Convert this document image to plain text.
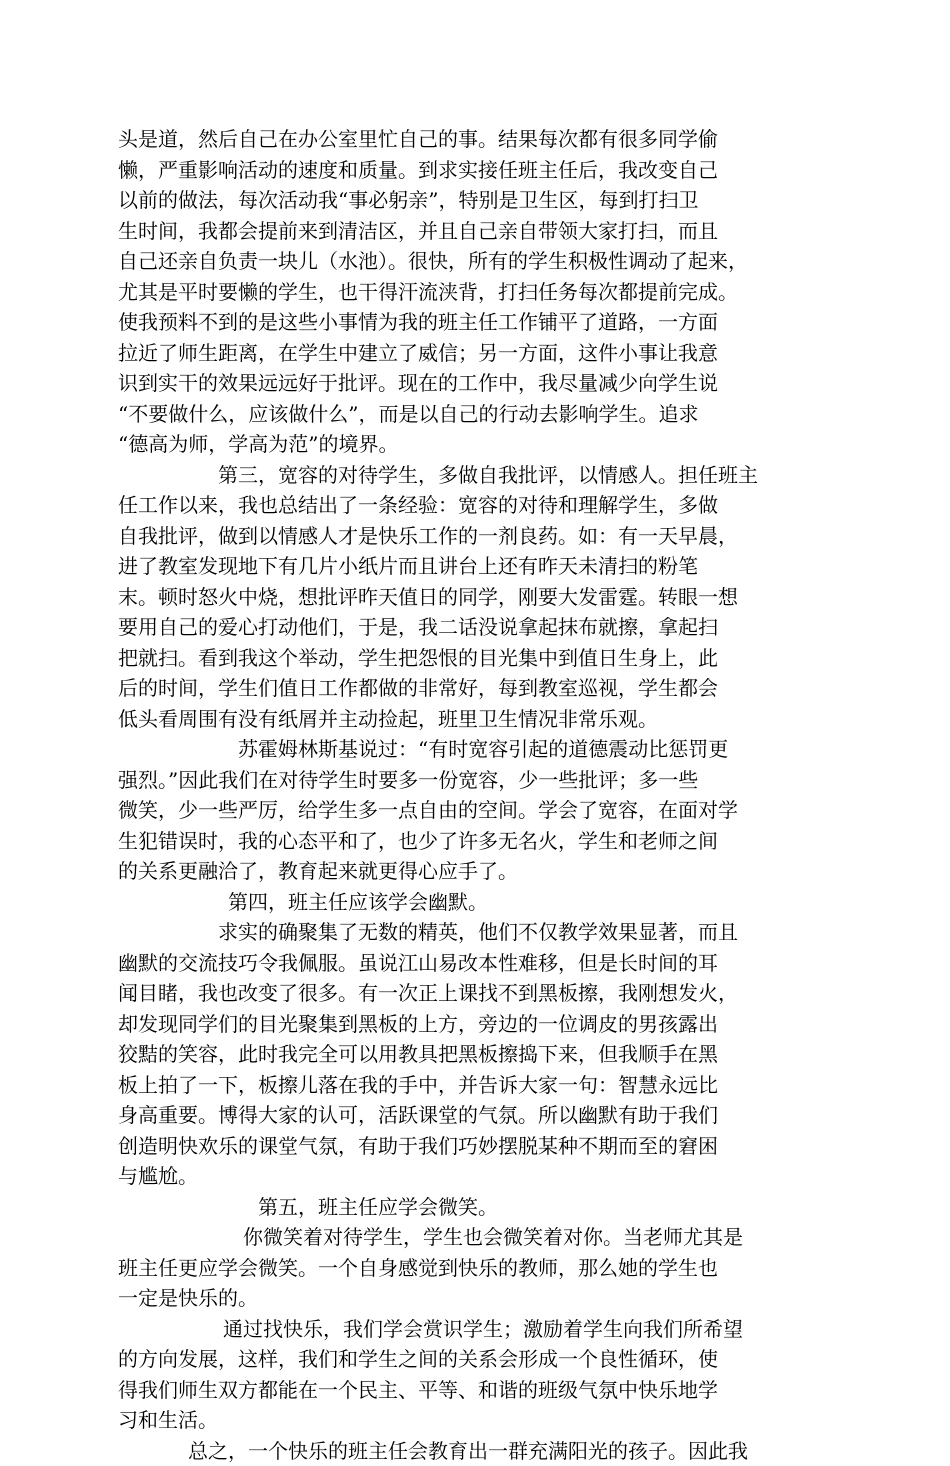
头是道，然后自己在办公室里忙自己的事。结果每次都有很多同学偷
懒，严重影响活动的速度和质量。到求实接任班主任后，我改变自己
以前的做法，每次活动我“事必躬亲”，特别是卫生区，每到打扫卫
生时间，我都会提前来到清洁区，并且自己亲自带领大家打扫，而且
自己还亲自负责一块儿（水池）。很快，所有的学生积极性调动了起来，
尤其是平时要懒的学生，也干得汗流浃背，打扫任务每次都提前完成。
使我预料不到的是这些小事情为我的班主任工作铺平了道路，一方面
拉近了师生距离，在学生中建立了威信；另一方面，这件小事让我意
识到实干的效果远远好于批评。现在的工作中，我尽量减少向学生说
“不要做什么，应该做什么”，而是以自己的行动去影响学生。追求
“德高为师，学高为范”的境界。
第三，宽容的对待学生，多做自我批评，以情感人。担任班主
任工作以来，我也总结出了一条经验：宽容的对待和理解学生，多做
自我批评，做到以情感人才是快乐工作的一剂良药。如：有一天早晨，
进了教室发现地下有几片小纸片而且讲台上还有昨天未清扫的粉笔
末。顿时怒火中烧，想批评昨天值日的同学，刚要大发雷霆。转眼一想
要用自己的爱心打动他们，于是，我二话没说拿起抹布就擦，拿起扫
把就扫。看到我这个举动，学生把怨恨的目光集中到值日生身上，此
后的时间，学生们值日工作都做的非常好，每到教室巡视，学生都会
低头看周围有没有纸屑并主动捡起，班里卫生情况非常乐观。
苏霍姆林斯基说过：“有时宽容引起的道德震动比惩罚更
强烈。”因此我们在对待学生时要多一份宽容，少一些批评；多一些
微笑，少一些严厉，给学生多一点自由的空间。学会了宽容，在面对学
生犯错误时，我的心态平和了，也少了许多无名火，学生和老师之间
的关系更融洽了，教育起来就更得心应手了。
第四，班主任应该学会幽默。
求实的确聚集了无数的精英，他们不仅教学效果显著，而且
幽默的交流技巧令我佩服。虽说江山易改本性难移，但是长时间的耳
闻目睹，我也改变了很多。有一次正上课找不到黑板擦，我刚想发火，
却发现同学们的目光聚集到黑板的上方，旁边的一位调皮的男孩露出
狡黠的笑容，此时我完全可以用教具把黑板擦捣下来，但我顺手在黑
板上拍了一下，板擦儿落在我的手中，并告诉大家一句：智慧永远比
身高重要。博得大家的认可，活跃课堂的气氛。所以幽默有助于我们
创造明快欢乐的课堂气氛，有助于我们巧妙摆脱某种不期而至的窘困
与尴尬。
第五，班主任应学会微笑。
你微笑着对待学生，学生也会微笑着对你。当老师尤其是
班主任更应学会微笑。一个自身感觉到快乐的教师，那么她的学生也
一定是快乐的。
通过找快乐，我们学会赏识学生；激励着学生向我们所希望
的方向发展，这样，我们和学生之间的关系会形成一个良性循环，使
得我们师生双方都能在一个民主、平等、和谐的班级气氛中快乐地学
习和生活。
总之，一个快乐的班主任会教育出一群充满阳光的孩子。因此我
